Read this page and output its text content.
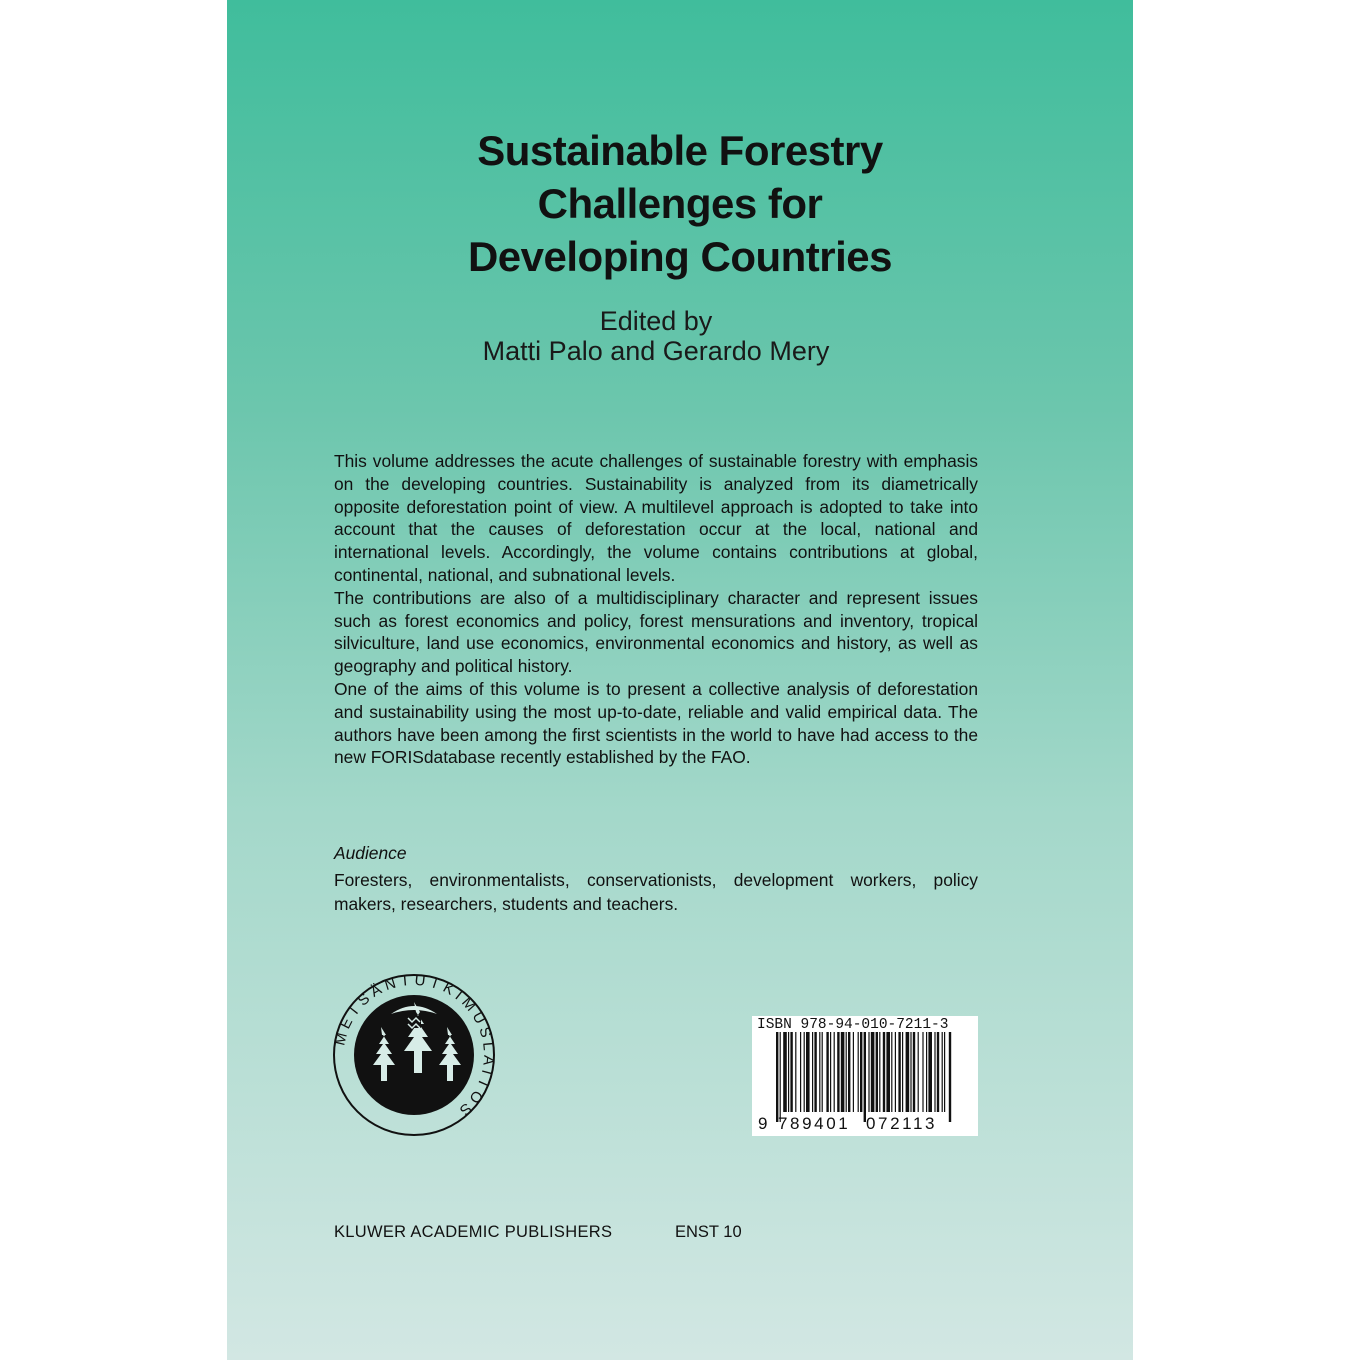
Sustainable Forestry
Challenges for
Developing Countries
Edited by
Matti Palo and Gerardo Mery

This volume addresses the acute challenges of sustainable forestry with emphasis on the developing countries. Sustainability is analyzed from its diametrically opposite deforestation point of view. A multilevel approach is adopted to take into account that the causes of deforestation occur at the local, national and international levels. Accordingly, the volume contains contributions at global, continental, national, and subnational levels.

The contributions are also of a multidisciplinary character and represent issues such as forest economics and policy, forest mensurations and inventory, tropical silviculture, land use economics, environmental economics and history, as well as geography and political history.

One of the aims of this volume is to present a collective analysis of deforestation and sustainability using the most up-to-date, reliable and valid empirical data. The authors have been among the first scientists in the world to have had access to the new FORISdatabase recently established by the FAO.

Audience
Foresters, environmentalists, conservationists, development workers, policy makers, researchers, students and teachers.
METSÄNTUTKIMUSLAITOS
ISBN 978-94-010-7211-3
9 789401 072113
KLUWER ACADEMIC PUBLISHERS	ENST 10
